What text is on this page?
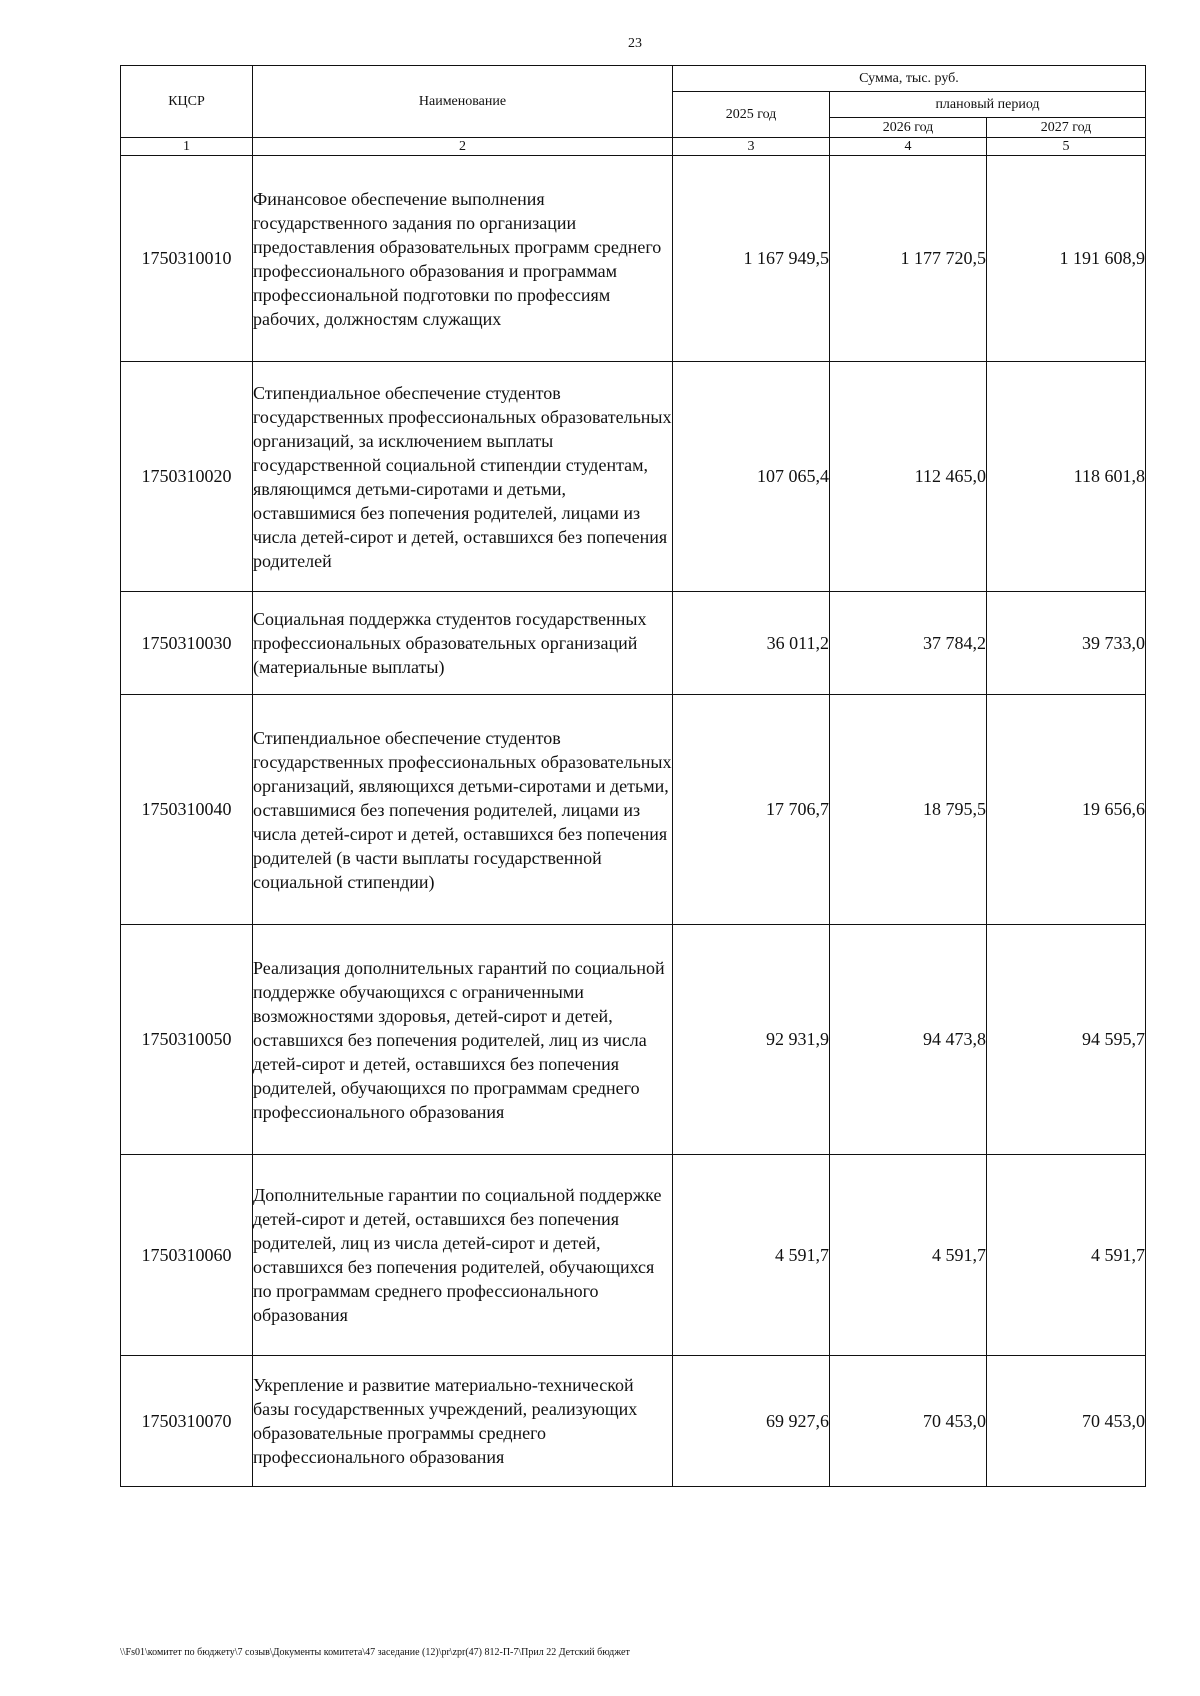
23
КЦСР	Наименование	Сумма, тыс. руб.		
		2025 год	плановый период	
			2026 год	2027 год
1	2	3	4	5
1750310010	Финансовое обеспечение выполнения государственного задания по организации предоставления образовательных программ среднего профессионального образования и программам профессиональной подготовки по профессиям рабочих, должностям служащих	1 167 949,5	1 177 720,5	1 191 608,9
1750310020	Стипендиальное обеспечение студентов государственных профессиональных образовательных организаций, за исключением выплаты государственной социальной стипендии студентам, являющимся детьми-сиротами и детьми, оставшимися без попечения родителей, лицами из числа детей-сирот и детей, оставшихся без попечения родителей	107 065,4	112 465,0	118 601,8
1750310030	Социальная поддержка студентов государственных профессиональных образовательных организаций (материальные выплаты)	36 011,2	37 784,2	39 733,0
1750310040	Стипендиальное обеспечение студентов государственных профессиональных образовательных организаций, являющихся детьми-сиротами и детьми, оставшимися без попечения родителей, лицами из числа детей-сирот и детей, оставшихся без попечения родителей (в части выплаты государственной социальной стипендии)	17 706,7	18 795,5	19 656,6
1750310050	Реализация дополнительных гарантий по социальной поддержке обучающихся с ограниченными возможностями здоровья, детей-сирот и детей, оставшихся без попечения родителей, лиц из числа детей-сирот и детей, оставшихся без попечения родителей, обучающихся по программам среднего профессионального образования	92 931,9	94 473,8	94 595,7
1750310060	Дополнительные гарантии по социальной поддержке детей-сирот и детей, оставшихся без попечения родителей, лиц из числа детей-сирот и детей, оставшихся без попечения родителей, обучающихся по программам среднего профессионального образования	4 591,7	4 591,7	4 591,7
1750310070	Укрепление и развитие материально-технической базы государственных учреждений, реализующих образовательные программы среднего профессионального образования	69 927,6	70 453,0	70 453,0
\\Fs01\комитет по бюджету\7 созыв\Документы комитета\47 заседание (12)\pr\zpr(47) 812-П-7\Прил 22 Детский бюджет
